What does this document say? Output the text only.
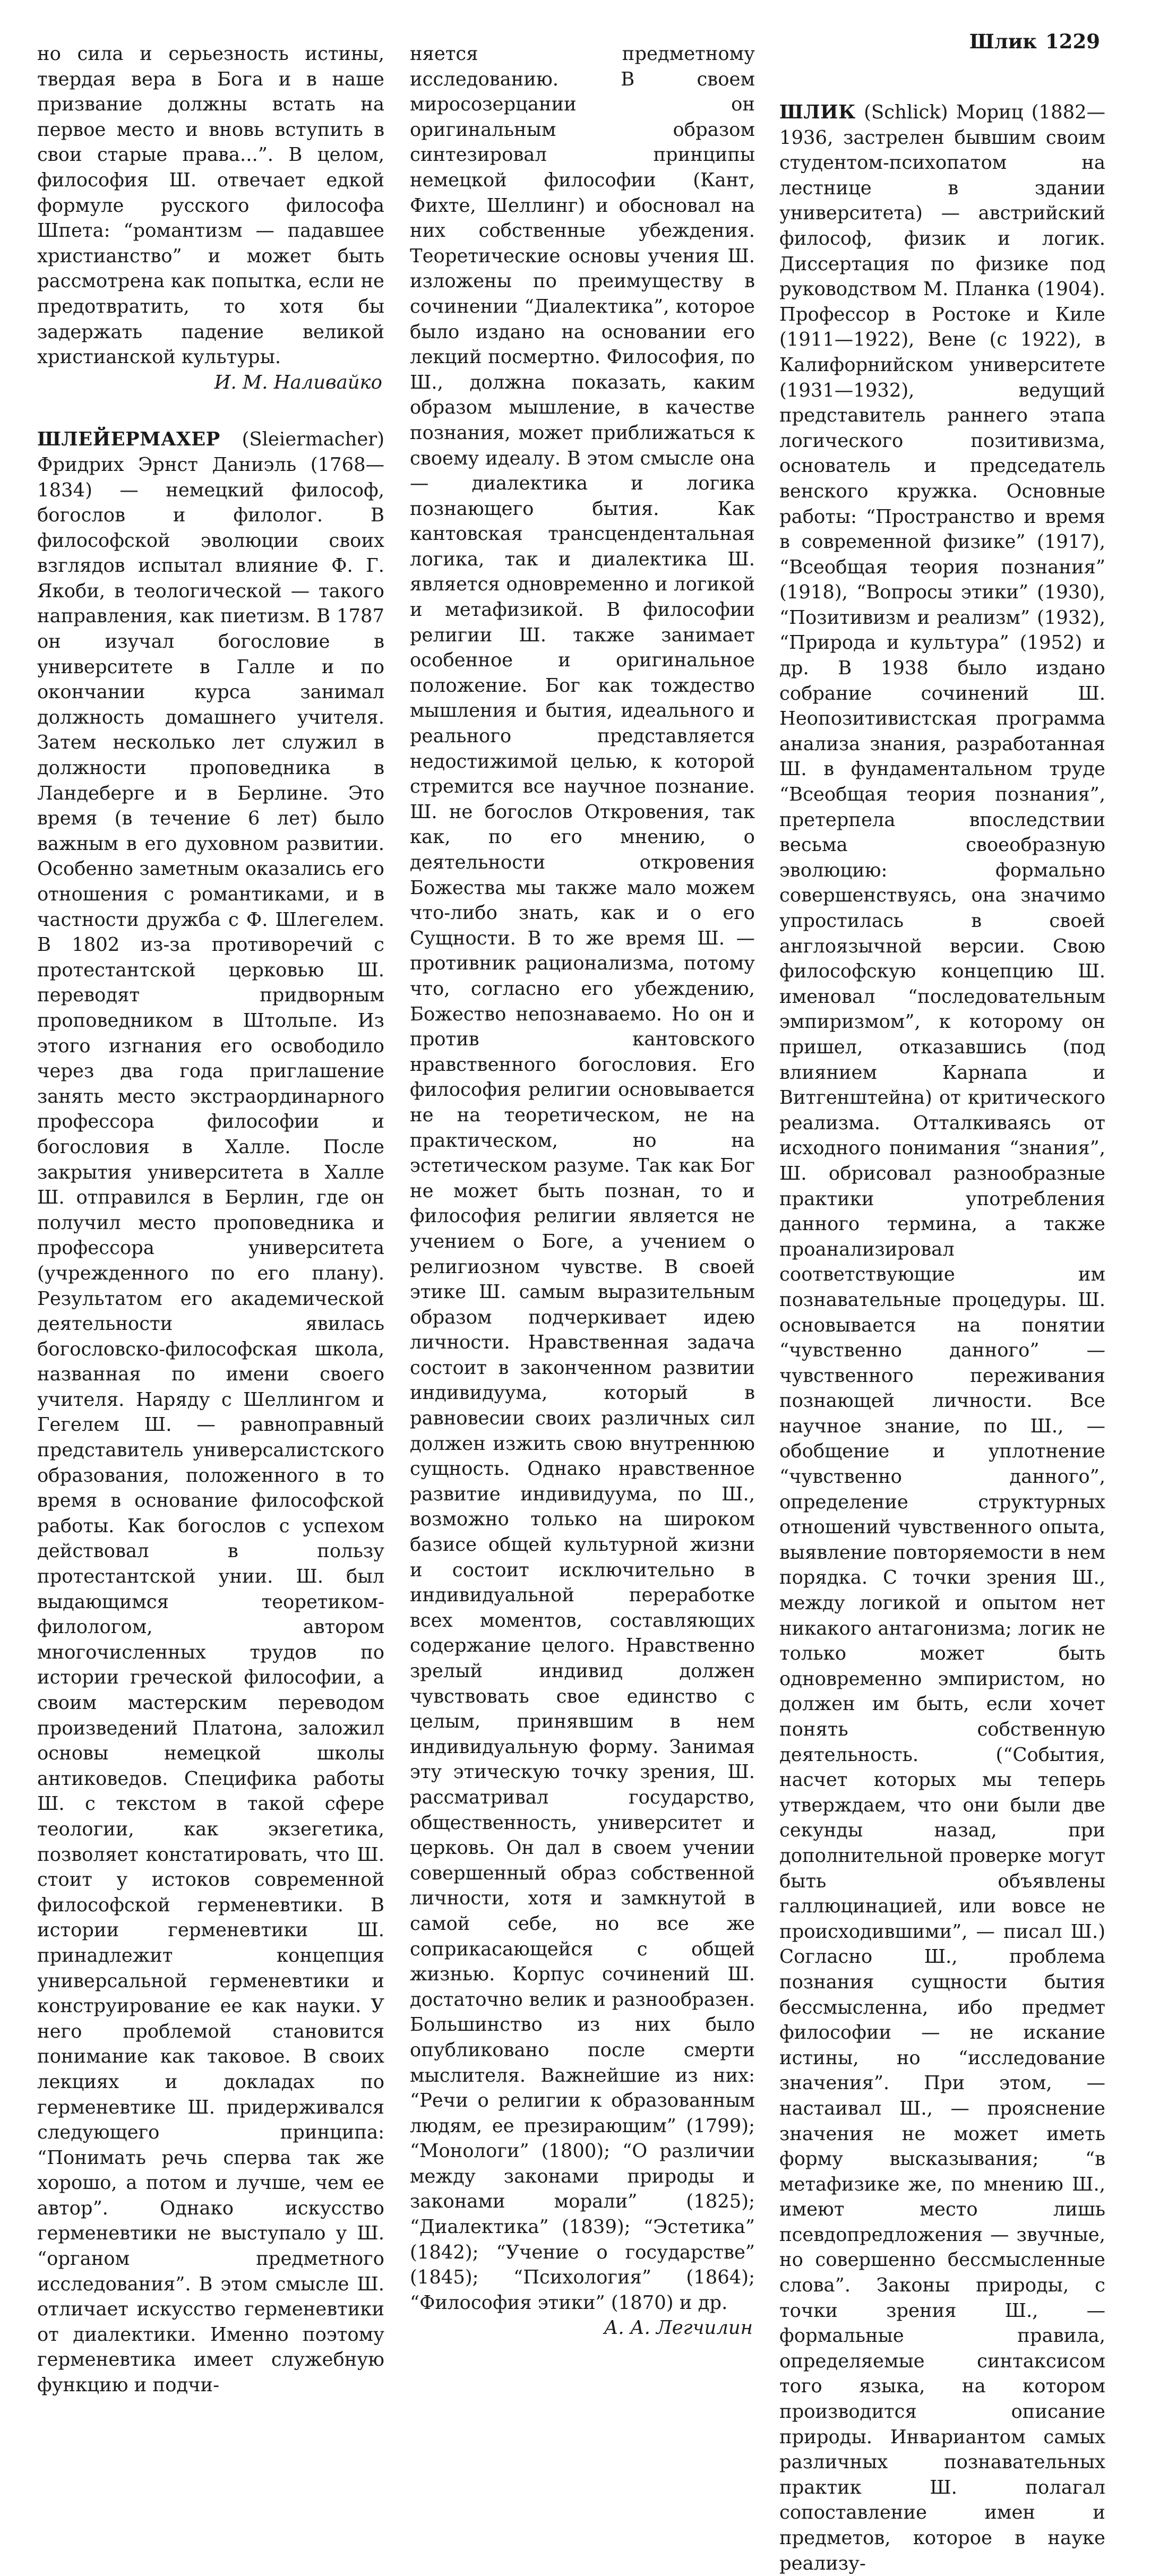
Шлик 1229

но сила и серьезность истины, твердая вера в Бога и в наше призвание должны встать на первое место и вновь вступить в свои старые права...”. В целом, философия Ш. отвечает едкой формуле русского философа Шпета: “романтизм — падавшее христианство” и может быть рассмотрена как попытка, если не предотвратить, то хотя бы задержать падение великой христианской культуры.

И. М. Наливайко

ШЛЕЙЕРМАХЕР (Sleiermacher) Фридрих Эрнст Даниэль (1768—1834) — немецкий философ, богослов и филолог. В философской эволюции своих взглядов испытал влияние Ф. Г. Якоби, в теологической — такого направления, как пиетизм. В 1787 он изучал богословие в университете в Галле и по окончании курса занимал должность домашнего учителя. Затем несколько лет служил в должности проповедника в Ландеберге и в Берлине. Это время (в течение 6 лет) было важным в его духовном развитии. Особенно заметным оказались его отношения с романтиками, и в частности дружба с Ф. Шлегелем. В 1802 из-за противоречий с протестантской церковью Ш. переводят придворным проповедником в Штольпе. Из этого изгнания его освободило через два года приглашение занять место экстраординарного профессора философии и богословия в Халле. После закрытия университета в Халле Ш. отправился в Берлин, где он получил место проповедника и профессора университета (учрежденного по его плану). Результатом его академической деятельности явилась богословско-философская школа, названная по имени своего учителя. Наряду с Шеллингом и Гегелем Ш. — равноправный представитель универсалистского образования, положенного в то время в основание философской работы. Как богослов с успехом действовал в пользу протестантской унии. Ш. был выдающимся теоретиком-филологом, автором многочисленных трудов по истории греческой философии, а своим мастерским переводом произведений Платона, заложил основы немецкой школы антиковедов. Специфика работы Ш. с текстом в такой сфере теологии, как экзегетика, позволяет констатировать, что Ш. стоит у истоков современной философской герменевтики. В истории герменевтики Ш. принадлежит концепция универсальной герменевтики и конструирование ее как науки. У него проблемой становится понимание как таковое. В своих лекциях и докладах по герменевтике Ш. придерживался следующего принципа: “Понимать речь сперва так же хорошо, а потом и лучше, чем ее автор”. Однако искусство герменевтики не выступало у Ш. “органом предметного исследования”. В этом смысле Ш. отличает искусство герменевтики от диалектики. Именно поэтому герменевтика имеет служебную функцию и подчи-

няется предметному исследованию. В своем миросозерцании он оригинальным образом синтезировал принципы немецкой философии (Кант, Фихте, Шеллинг) и обосновал на них собственные убеждения. Теоретические основы учения Ш. изложены по преимуществу в сочинении “Диалектика”, которое было издано на основании его лекций посмертно. Философия, по Ш., должна показать, каким образом мышление, в качестве познания, может приближаться к своему идеалу. В этом смысле она — диалектика и логика познающего бытия. Как кантовская трансцендентальная логика, так и диалектика Ш. является одновременно и логикой и метафизикой. В философии религии Ш. также занимает особенное и оригинальное положение. Бог как тождество мышления и бытия, идеального и реального представляется недостижимой целью, к которой стремится все научное познание. Ш. не богослов Откровения, так как, по его мнению, о деятельности откровения Божества мы также мало можем что-либо знать, как и о его Сущности. В то же время Ш. — противник рационализма, потому что, согласно его убеждению, Божество непознаваемо. Но он и против кантовского нравственного богословия. Его философия религии основывается не на теоретическом, не на практическом, но на эстетическом разуме. Так как Бог не может быть познан, то и философия религии является не учением о Боге, а учением о религиозном чувстве. В своей этике Ш. самым выразительным образом подчеркивает идею личности. Нравственная задача состоит в законченном развитии индивидуума, который в равновесии своих различных сил должен изжить свою внутреннюю сущность. Однако нравственное развитие индивидуума, по Ш., возможно только на широком базисе общей культурной жизни и состоит исключительно в индивидуальной переработке всех моментов, составляющих содержание целого. Нравственно зрелый индивид должен чувствовать свое единство с целым, принявшим в нем индивидуальную форму. Занимая эту этическую точку зрения, Ш. рассматривал государство, общественность, университет и церковь. Он дал в своем учении совершенный образ собственной личности, хотя и замкнутой в самой себе, но все же соприкасающейся с общей жизнью. Корпус сочинений Ш. достаточно велик и разнообразен. Большинство из них было опубликовано после смерти мыслителя. Важнейшие из них: “Речи о религии к образованным людям, ее презирающим” (1799); “Монологи” (1800); “О различии между законами природы и законами морали” (1825); “Диалектика” (1839); “Эстетика” (1842); “Учение о государстве” (1845); “Психология” (1864); “Философия этики” (1870) и др.

А. А. Легчилин

ШЛИК (Schlick) Мориц (1882—1936, застрелен бывшим своим студентом-психопатом на лестнице в здании университета) — австрийский философ, физик и логик. Диссертация по физике под руководством М. Планка (1904). Профессор в Ростоке и Киле (1911—1922), Вене (с 1922), в Калифорнийском университете (1931—1932), ведущий представитель раннего этапа логического позитивизма, основатель и председатель венского кружка. Основные работы: “Пространство и время в современной физике” (1917), “Всеобщая теория познания” (1918), “Вопросы этики” (1930), “Позитивизм и реализм” (1932), “Природа и культура” (1952) и др. В 1938 было издано собрание сочинений Ш. Неопозитивистская программа анализа знания, разработанная Ш. в фундаментальном труде “Всеобщая теория познания”, претерпела впоследствии весьма своеобразную эволюцию: формально совершенствуясь, она значимо упростилась в своей англоязычной версии. Свою философскую концепцию Ш. именовал “последовательным эмпиризмом”, к которому он пришел, отказавшись (под влиянием Карнапа и Витгенштейна) от критического реализма. Отталкиваясь от исходного понимания “знания”, Ш. обрисовал разнообразные практики употребления данного термина, а также проанализировал соответствующие им познавательные процедуры. Ш. основывается на понятии “чувственно данного” — чувственного переживания познающей личности. Все научное знание, по Ш., — обобщение и уплотнение “чувственно данного”, определение структурных отношений чувственного опыта, выявление повторяемости в нем порядка. С точки зрения Ш., между логикой и опытом нет никакого антагонизма; логик не только может быть одновременно эмпиристом, но должен им быть, если хочет понять собственную деятельность. (“События, насчет которых мы теперь утверждаем, что они были две секунды назад, при дополнительной проверке могут быть объявлены галлюцинацией, или вовсе не происходившими”, — писал Ш.) Согласно Ш., проблема познания сущности бытия бессмысленна, ибо предмет философии — не искание истины, но “исследование значения”. При этом, — настаивал Ш., — прояснение значения не может иметь форму высказывания; “в метафизике же, по мнению Ш., имеют место лишь псевдопредложения — звучные, но совершенно бессмысленные слова”. Законы природы, с точки зрения Ш., — формальные правила, определяемые синтаксисом того языка, на котором производится описание природы. Инвариантом самых различных познавательных практик Ш. полагал сопоставление имен и предметов, которое в науке реализу-
